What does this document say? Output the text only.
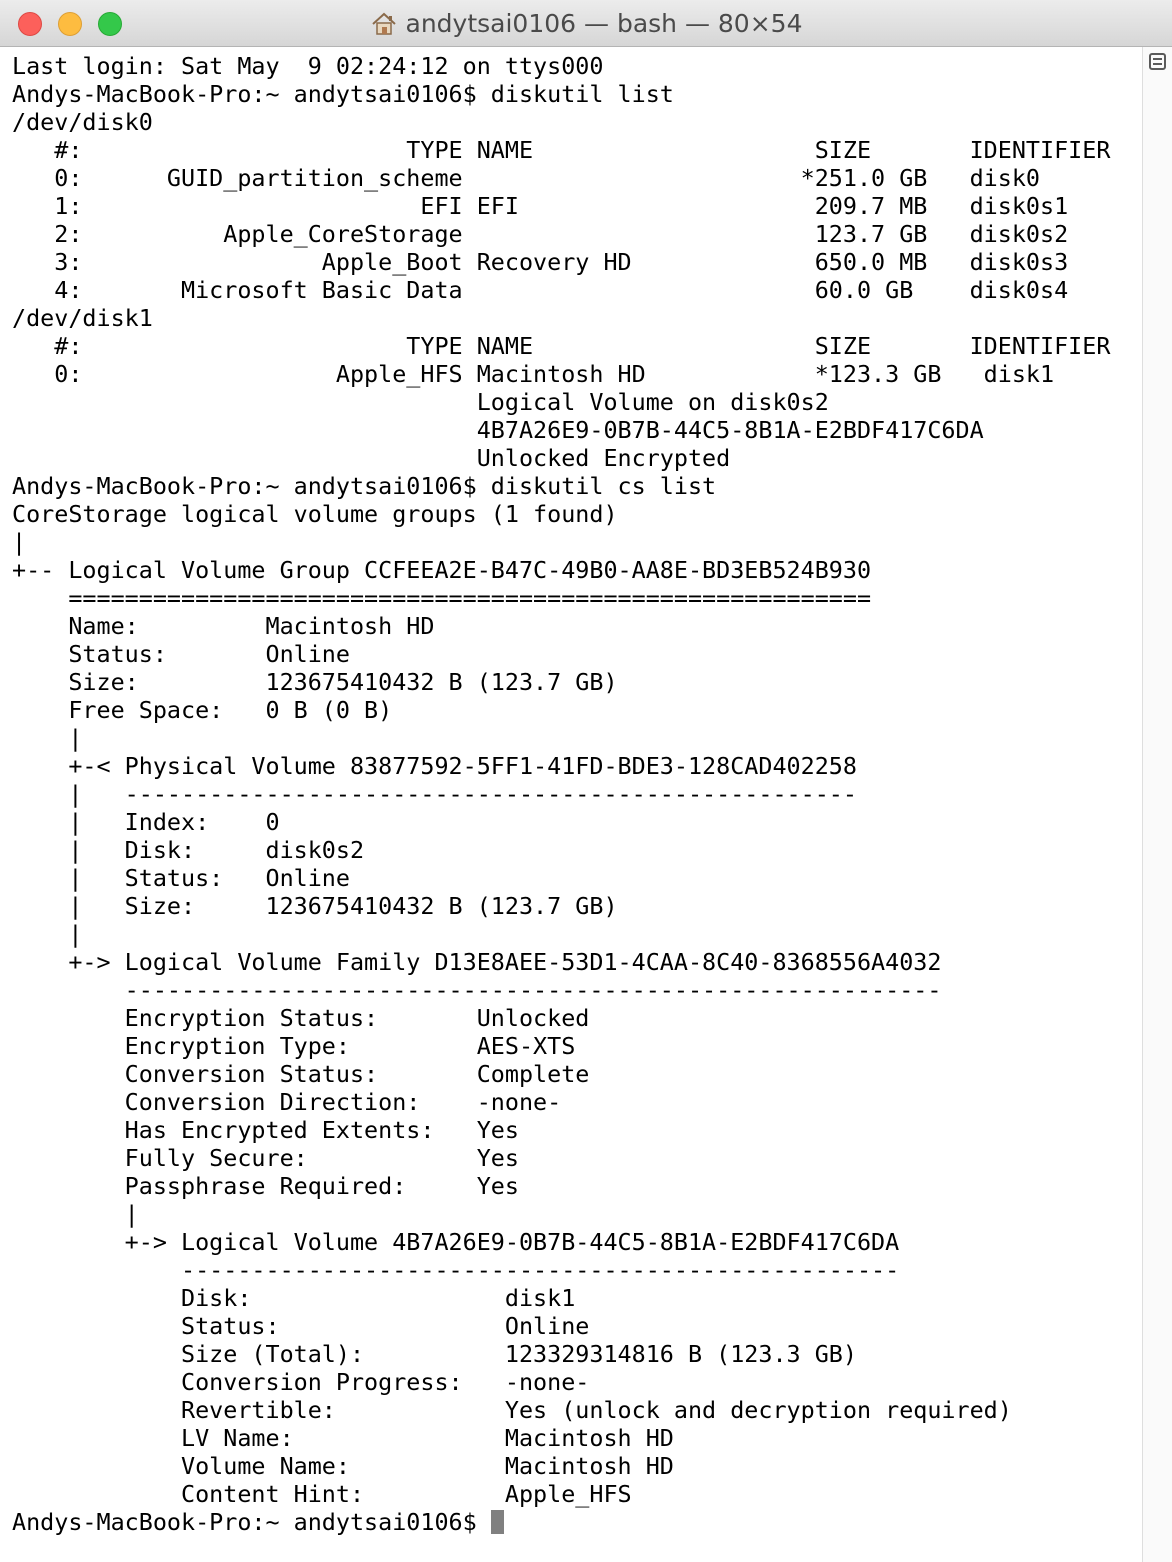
andytsai0106 — bash — 80×54
Last login: Sat May  9 02:24:12 on ttys000
Andys-MacBook-Pro:~ andytsai0106$ diskutil list
/dev/disk0
#:                       TYPE NAME                    SIZE       IDENTIFIER
0:      GUID_partition_scheme                        *251.0 GB   disk0
1:                        EFI EFI                     209.7 MB   disk0s1
2:          Apple_CoreStorage                         123.7 GB   disk0s2
3:                 Apple_Boot Recovery HD             650.0 MB   disk0s3
4:       Microsoft Basic Data                         60.0 GB    disk0s4
/dev/disk1
#:                       TYPE NAME                    SIZE       IDENTIFIER
0:                  Apple_HFS Macintosh HD            *123.3 GB   disk1
Logical Volume on disk0s2
4B7A26E9-0B7B-44C5-8B1A-E2BDF417C6DA
Unlocked Encrypted
Andys-MacBook-Pro:~ andytsai0106$ diskutil cs list
CoreStorage logical volume groups (1 found)
|
+-- Logical Volume Group CCFEEA2E-B47C-49B0-AA8E-BD3EB524B930
=========================================================
Name:         Macintosh HD
Status:       Online
Size:         123675410432 B (123.7 GB)
Free Space:   0 B (0 B)
|
+-< Physical Volume 83877592-5FF1-41FD-BDE3-128CAD402258
|   ----------------------------------------------------
|   Index:    0
|   Disk:     disk0s2
|   Status:   Online
|   Size:     123675410432 B (123.7 GB)
|
+-> Logical Volume Family D13E8AEE-53D1-4CAA-8C40-8368556A4032
----------------------------------------------------------
Encryption Status:       Unlocked
Encryption Type:         AES-XTS
Conversion Status:       Complete
Conversion Direction:    -none-
Has Encrypted Extents:   Yes
Fully Secure:            Yes
Passphrase Required:     Yes
|
+-> Logical Volume 4B7A26E9-0B7B-44C5-8B1A-E2BDF417C6DA
---------------------------------------------------
Disk:                  disk1
Status:                Online
Size (Total):          123329314816 B (123.3 GB)
Conversion Progress:   -none-
Revertible:            Yes (unlock and decryption required)
LV Name:               Macintosh HD
Volume Name:           Macintosh HD
Content Hint:          Apple_HFS
Andys-MacBook-Pro:~ andytsai0106$
